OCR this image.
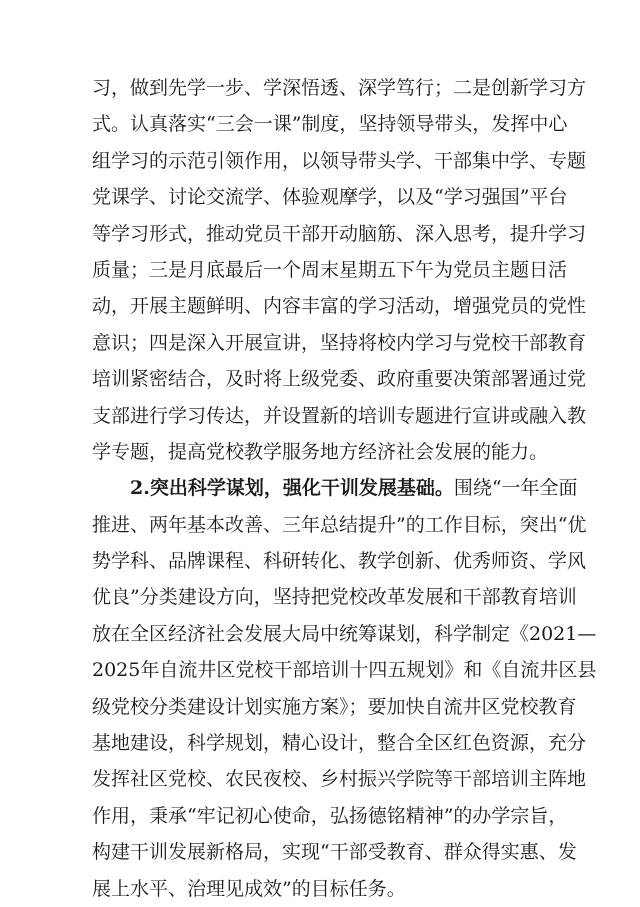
习，做到先学一步、学深悟透、深学笃行；二是创新学习方
式。认真落实“三会一课”制度，坚持领导带头，发挥中心
组学习的示范引领作用，以领导带头学、干部集中学、专题
党课学、讨论交流学、体验观摩学，以及“学习强国”平台
等学习形式，推动党员干部开动脑筋、深入思考，提升学习
质量；三是月底最后一个周末星期五下午为党员主题日活
动，开展主题鲜明、内容丰富的学习活动，增强党员的党性
意识；四是深入开展宣讲，坚持将校内学习与党校干部教育
培训紧密结合，及时将上级党委、政府重要决策部署通过党
支部进行学习传达，并设置新的培训专题进行宣讲或融入教
学专题，提高党校教学服务地方经济社会发展的能力。
2.突出科学谋划，强化干训发展基础。围绕“一年全面
推进、两年基本改善、三年总结提升”的工作目标，突出“优
势学科、品牌课程、科研转化、教学创新、优秀师资、学风
优良”分类建设方向，坚持把党校改革发展和干部教育培训
放在全区经济社会发展大局中统筹谋划，科学制定《2021—
2025年自流井区党校干部培训十四五规划》和《自流井区县
级党校分类建设计划实施方案》；要加快自流井区党校教育
基地建设，科学规划，精心设计，整合全区红色资源，充分
发挥社区党校、农民夜校、乡村振兴学院等干部培训主阵地
作用，秉承“牢记初心使命，弘扬德铭精神”的办学宗旨，
构建干训发展新格局，实现“干部受教育、群众得实惠、发
展上水平、治理见成效”的目标任务。
